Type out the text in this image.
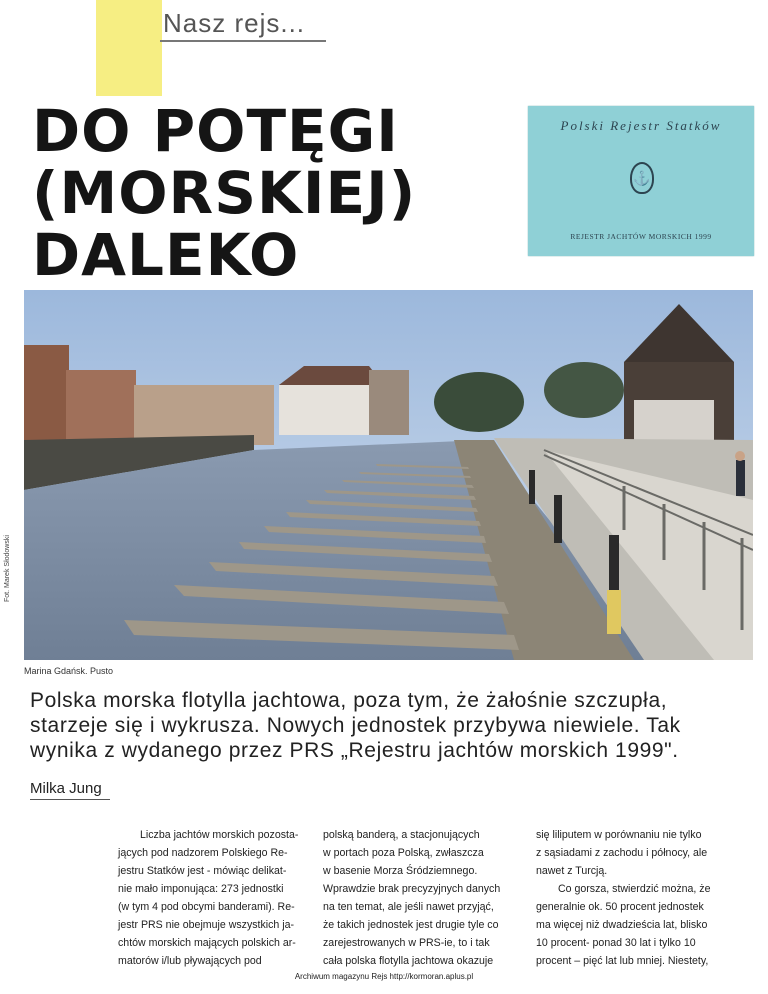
Nasz rejs...
DO POTĘGI
(MORSKIEJ)
DALEKO
Polski Rejestr Statków
⚓
REJESTR JACHTÓW MORSKICH 1999
Fot. Marek Słodowski
Marina Gdańsk. Pusto

Polska morska flotylla jachtowa, poza tym, że żałośnie szczupła,
starzeje się i wykrusza. Nowych jednostek przybywa niewiele. Tak
wynika z wydanego przez PRS „Rejestru jachtów morskich 1999".

Milka Jung
Liczba jachtów morskich pozosta-
jących pod nadzorem Polskiego Re-
jestru Statków jest - mówiąc delikat-
nie mało imponująca: 273 jednostki
(w tym 4 pod obcymi banderami). Re-
jestr PRS nie obejmuje wszystkich ja-
chtów morskich mających polskich ar-
matorów i/lub pływających pod
polską banderą, a stacjonujących
w portach poza Polską, zwłaszcza
w basenie Morza Śródziemnego.
Wprawdzie brak precyzyjnych danych
na ten temat, ale jeśli nawet przyjąć,
że takich jednostek jest drugie tyle co
zarejestrowanych w PRS-ie, to i tak
cała polska flotylla jachtowa okazuje
się liliputem w porównaniu nie tylko
z sąsiadami z zachodu i północy, ale
nawet z Turcją.
Co gorsza, stwierdzić można, że
generalnie ok. 50 procent jednostek
ma więcej niż dwadzieścia lat, blisko
10 procent- ponad 30 lat i tylko 10
procent – pięć lat lub mniej. Niestety,
Archiwum magazynu Rejs http://kormoran.aplus.pl
